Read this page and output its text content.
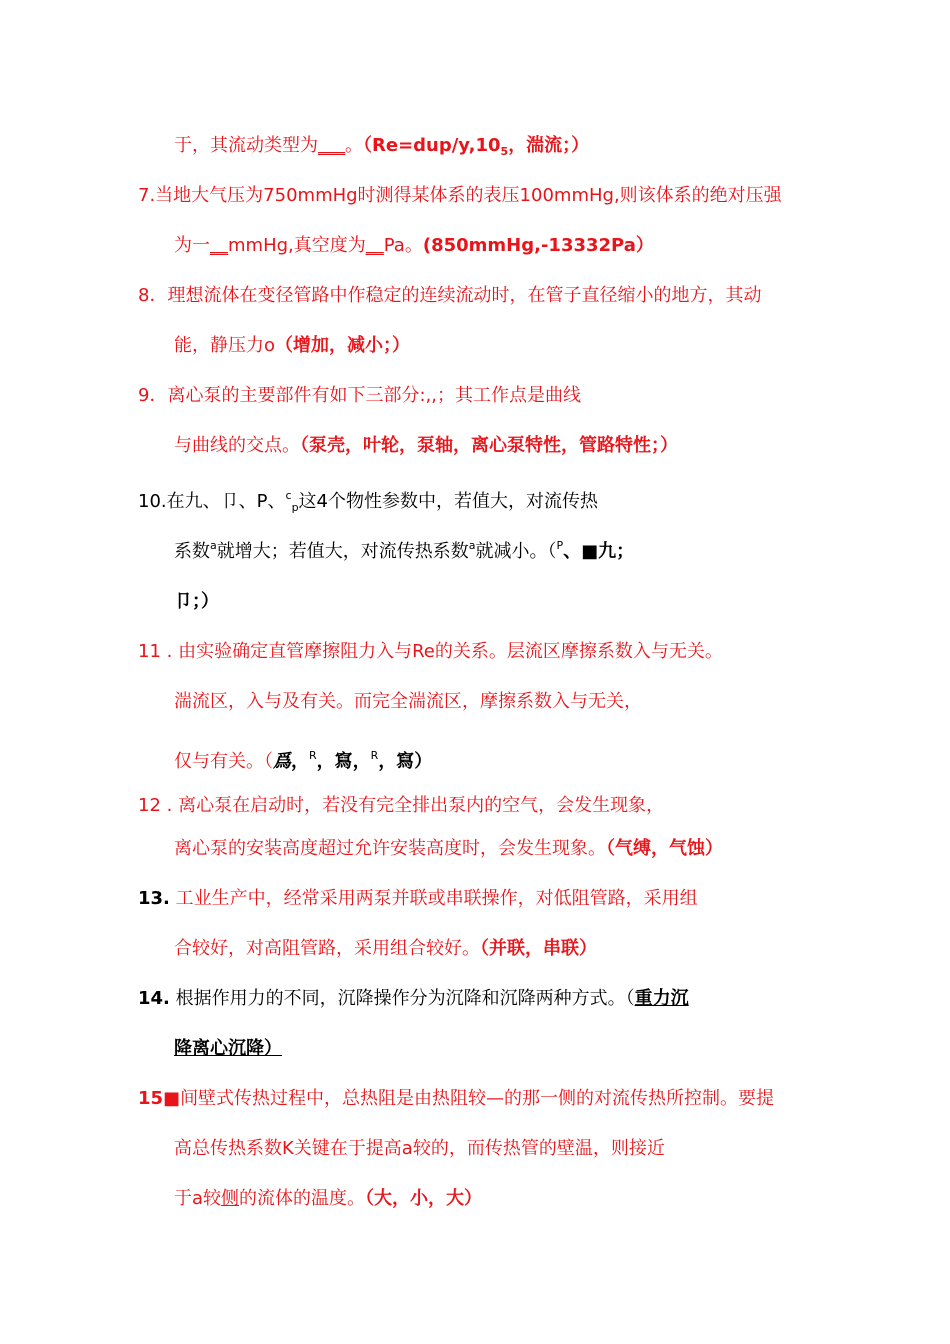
于，其流动类型为___。（$Re=dup/y,10_5$，湍流；）
7.当地大气压为750mmHg时测得某体系的表压100mmHg,则该体系的绝对压强
为一__mmHg,真空度为__Pa。(850mmHg,-13332Pa）
8．理想流体在变径管路中作稳定的连续流动时，在管子直径缩小的地方，其动
能，静压力o（增加，减小；）
9．离心泵的主要部件有如下三部分:,,；其工作点是曲线
与曲线的交点。（泵壳，叶轮，泵轴，离心泵特性，管路特性；）
10.在九、卩、P、$^c_p$这4个物性参数中，若值大，对流传热
系数$^a$就增大；若值大，对流传热系数$^a$就减小。（$^P$、■九；
卩；）
11 . 由实验确定直管摩擦阻力入与Re的关系。层流区摩擦系数入与无关。
湍流区，入与及有关。而完全湍流区，摩擦系数入与无关，
仅与有关。（爲，$^R$，寫，$^R$，寫）
12 . 离心泵在启动时，若没有完全排出泵内的空气，会发生现象，
离心泵的安装高度超过允许安装高度时，会发生现象。（气缚，气蚀）
13. 工业生产中，经常采用两泵并联或串联操作，对低阻管路，采用组
合较好，对高阻管路，采用组合较好。（并联，串联）
14. 根据作用力的不同，沉降操作分为沉降和沉降两种方式。（重力沉
降离心沉降）
15■间壁式传热过程中，总热阻是由热阻较—的那一侧的对流传热所控制。要提
高总传热系数K关键在于提高a较的，而传热管的壁温，则接近
于a较侧的流体的温度。（大，小，大）
